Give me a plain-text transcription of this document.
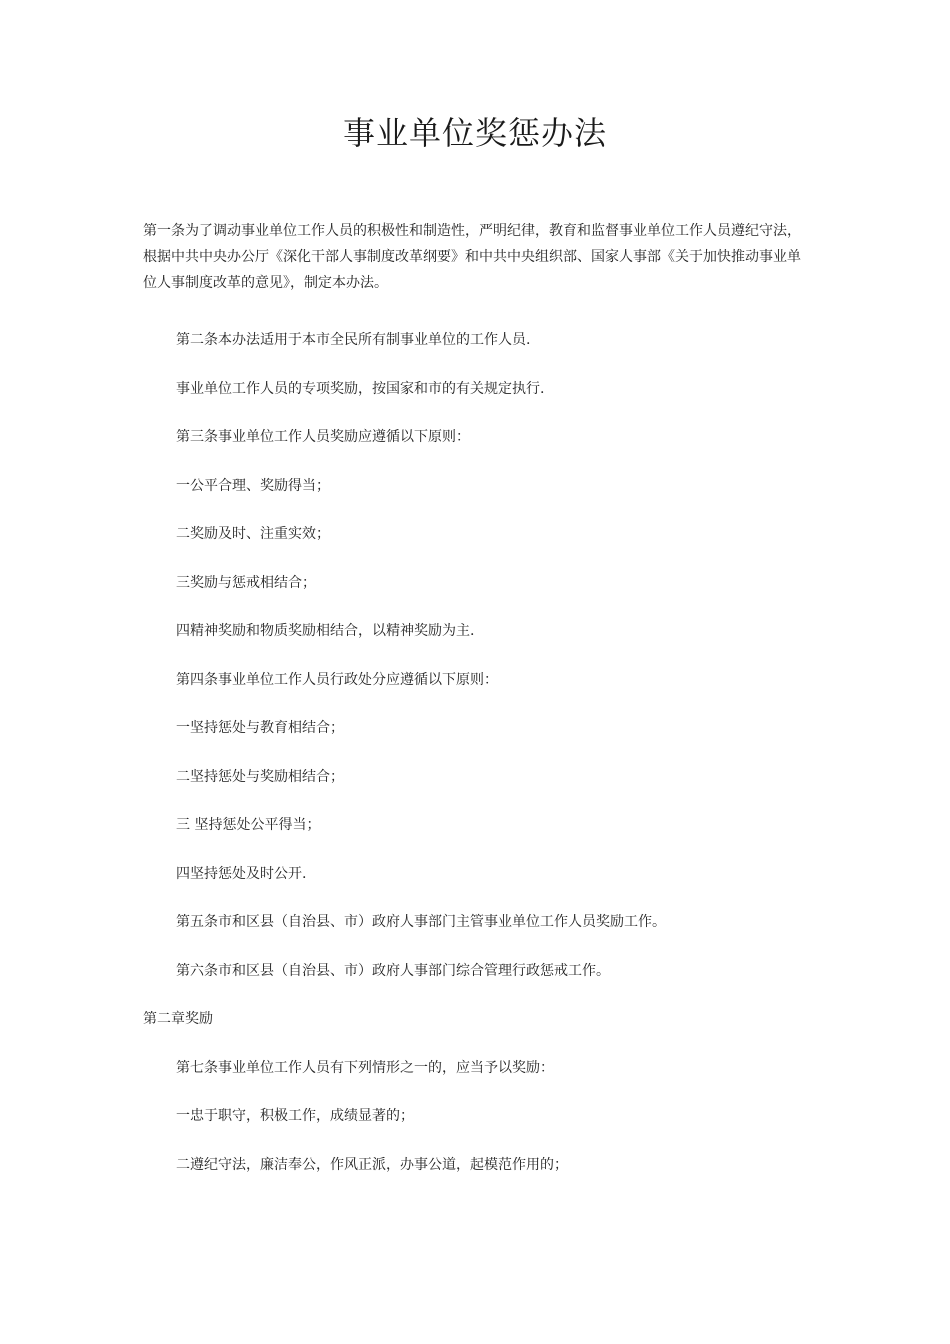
事业单位奖惩办法

第一条为了调动事业单位工作人员的积极性和制造性，严明纪律，教育和监督事业单位工作人员遵纪守法，根据中共中央办公厅《深化干部人事制度改革纲要》和中共中央组织部、国家人事部《关于加快推动事业单位人事制度改革的意见》，制定本办法。

第二条本办法适用于本市全民所有制事业单位的工作人员.

事业单位工作人员的专项奖励，按国家和市的有关规定执行.

第三条事业单位工作人员奖励应遵循以下原则：

一公平合理、奖励得当；

二奖励及时、注重实效；

三奖励与惩戒相结合；

四精神奖励和物质奖励相结合，以精神奖励为主.

第四条事业单位工作人员行政处分应遵循以下原则：

一坚持惩处与教育相结合；

二坚持惩处与奖励相结合；

三 坚持惩处公平得当；

四坚持惩处及时公开.

第五条市和区县（自治县、市）政府人事部门主管事业单位工作人员奖励工作。

第六条市和区县（自治县、市）政府人事部门综合管理行政惩戒工作。

第二章奖励

第七条事业单位工作人员有下列情形之一的，应当予以奖励：

一忠于职守，积极工作，成绩显著的；

二遵纪守法，廉洁奉公，作风正派，办事公道，起模范作用的；
